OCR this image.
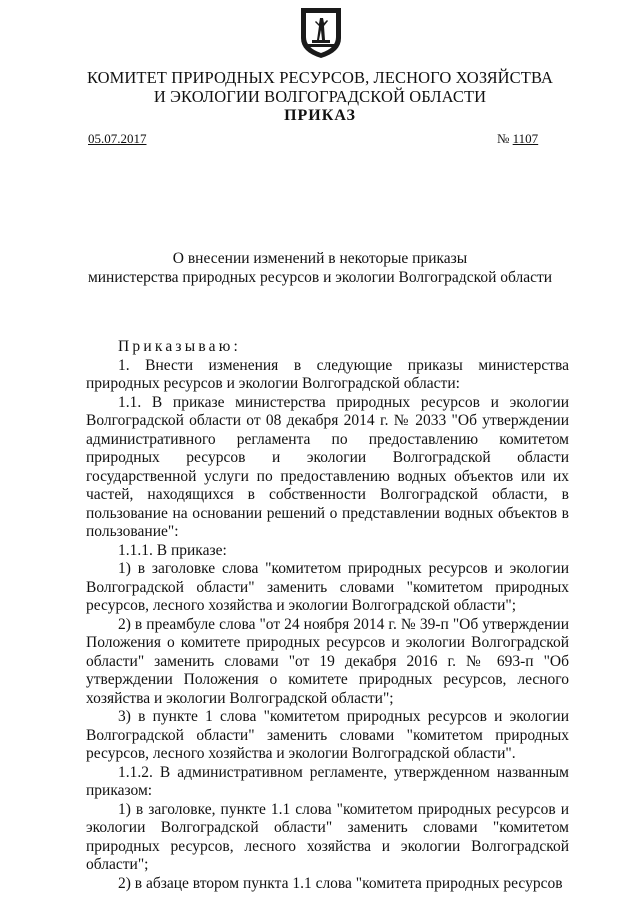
КОМИТЕТ ПРИРОДНЫХ РЕСУРСОВ, ЛЕСНОГО ХОЗЯЙСТВА
И ЭКОЛОГИИ ВОЛГОГРАДСКОЙ ОБЛАСТИ
ПРИКАЗ
05.07.2017	№ 1107
О внесении изменений в некоторые приказы
министерства природных ресурсов и экологии Волгоградской области

Приказываю:

1. Внести изменения в следующие приказы министерства природных ресурсов и экологии Волгоградской области:

1.1. В приказе министерства природных ресурсов и экологии Волгоградской области от 08 декабря 2014 г. № 2033 "Об утверждении административного регламента по предоставлению комитетом природных ресурсов и экологии Волгоградской области государственной услуги по предоставлению водных объектов или их частей, находящихся в собственности Волгоградской области, в пользование на основании решений о представлении водных объектов в пользование":

1.1.1. В приказе:

1) в заголовке слова "комитетом природных ресурсов и экологии Волгоградской области" заменить словами "комитетом природных ресурсов, лесного хозяйства и экологии Волгоградской области";

2) в преамбуле слова "от 24 ноября 2014 г. № 39-п "Об утверждении Положения о комитете природных ресурсов и экологии Волгоградской области" заменить словами "от 19 декабря 2016 г. № 693-п "Об утверждении Положения о комитете природных ресурсов, лесного хозяйства и экологии Волгоградской области";

3) в пункте 1 слова "комитетом природных ресурсов и экологии Волгоградской области" заменить словами "комитетом природных ресурсов, лесного хозяйства и экологии Волгоградской области".

1.1.2. В административном регламенте, утвержденном названным приказом:

1) в заголовке, пункте 1.1 слова "комитетом природных ресурсов и экологии Волгоградской области" заменить словами "комитетом природных ресурсов, лесного хозяйства и экологии Волгоградской области";

2) в абзаце втором пункта 1.1 слова "комитета природных ресурсов
